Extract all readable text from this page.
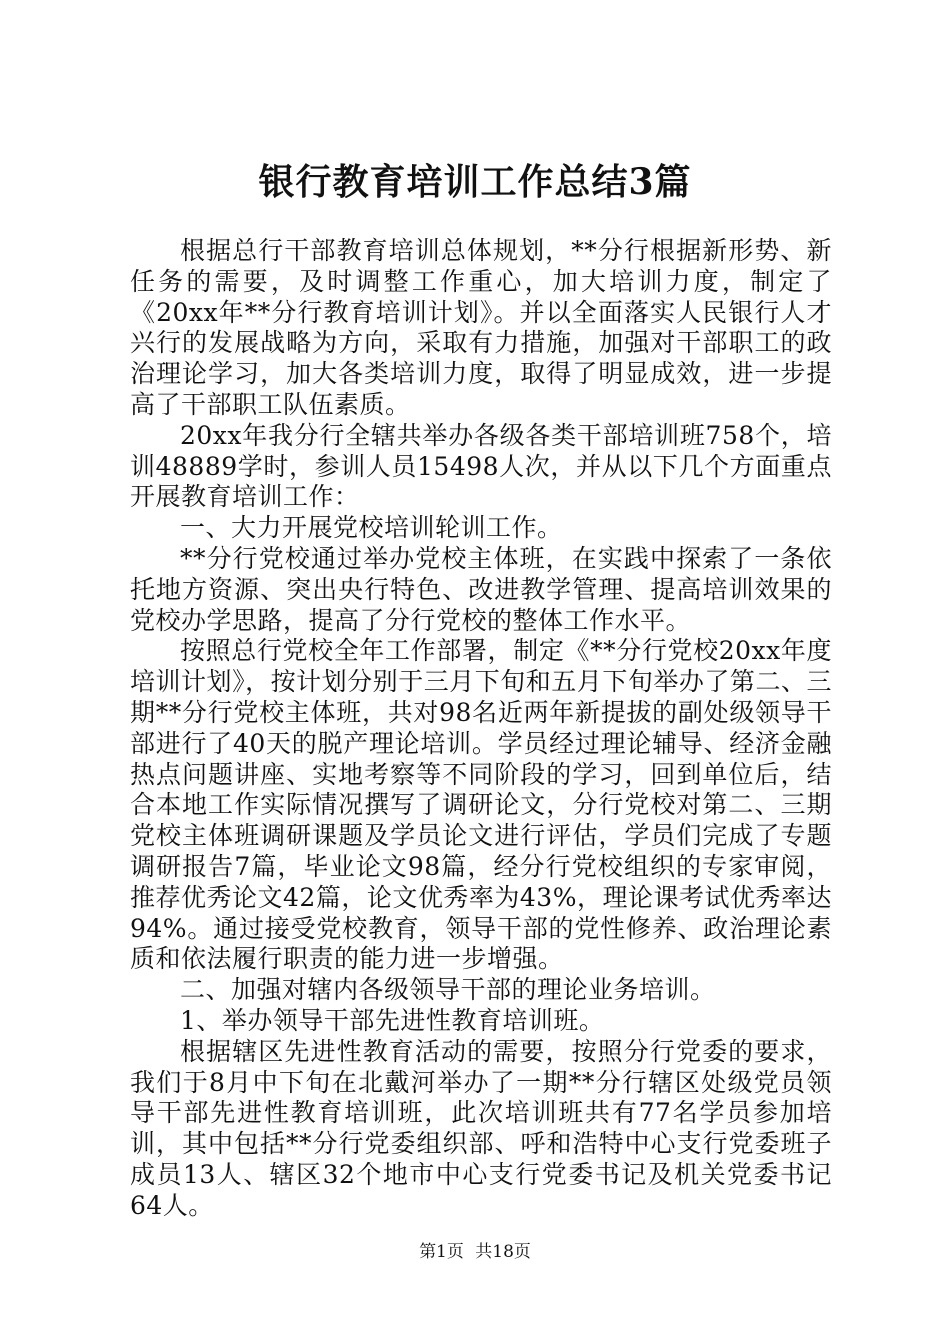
银行教育培训工作总结3篇

根据总行干部教育培训总体规划，**分行根据新形势、新任务的需要，及时调整工作重心，加大培训力度，制定了《20xx年**分行教育培训计划》。并以全面落实人民银行人才兴行的发展战略为方向，采取有力措施，加强对干部职工的政治理论学习，加大各类培训力度，取得了明显成效，进一步提高了干部职工队伍素质。

20xx年我分行全辖共举办各级各类干部培训班758个，培训48889学时，参训人员15498人次，并从以下几个方面重点开展教育培训工作：

一、大力开展党校培训轮训工作。

**分行党校通过举办党校主体班，在实践中探索了一条依托地方资源、突出央行特色、改进教学管理、提高培训效果的党校办学思路，提高了分行党校的整体工作水平。

按照总行党校全年工作部署，制定《**分行党校20xx年度培训计划》，按计划分别于三月下旬和五月下旬举办了第二、三期**分行党校主体班，共对98名近两年新提拔的副处级领导干部进行了40天的脱产理论培训。学员经过理论辅导、经济金融热点问题讲座、实地考察等不同阶段的学习，回到单位后，结合本地工作实际情况撰写了调研论文，分行党校对第二、三期党校主体班调研课题及学员论文进行评估，学员们完成了专题调研报告7篇，毕业论文98篇，经分行党校组织的专家审阅，推荐优秀论文42篇，论文优秀率为43%，理论课考试优秀率达94%。通过接受党校教育，领导干部的党性修养、政治理论素质和依法履行职责的能力进一步增强。

二、加强对辖内各级领导干部的理论业务培训。

1、举办领导干部先进性教育培训班。

根据辖区先进性教育活动的需要，按照分行党委的要求，我们于8月中下旬在北戴河举办了一期**分行辖区处级党员领导干部先进性教育培训班，此次培训班共有77名学员参加培训，其中包括**分行党委组织部、呼和浩特中心支行党委班子成员13人、辖区32个地市中心支行党委书记及机关党委书记64人。

第1页 共18页
